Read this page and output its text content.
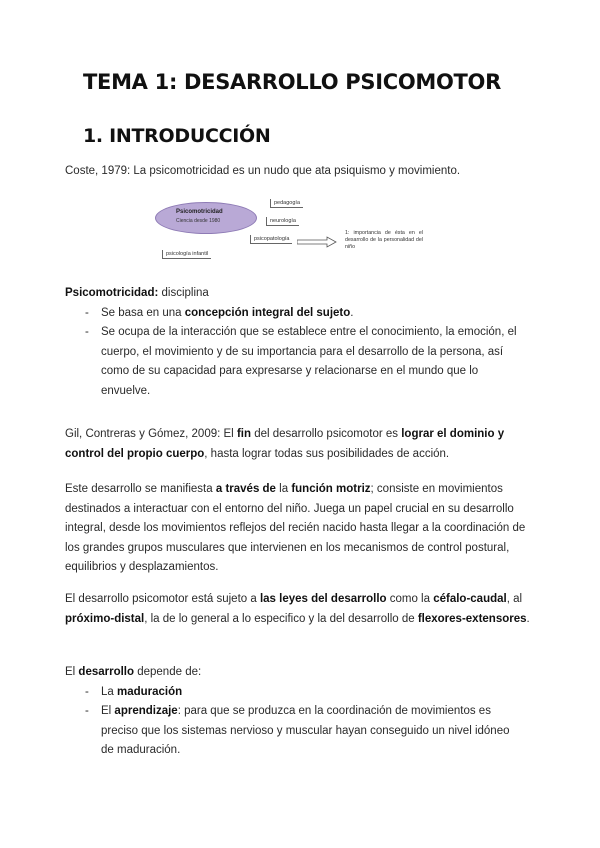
TEMA 1: DESARROLLO PSICOMOTOR
1. INTRODUCCIÓN
Coste, 1979: La psicomotricidad es un nudo que ata psiquismo y movimiento.
Psicomotricidad
Ciencia desde 1980
pedagogía
neurología
psicopatología
psicología infantil
1: importancia de ésta en el desarrollo de la personalidad del niño
Psicomotricidad: disciplina
- Se basa en una concepción integral del sujeto.
- Se ocupa de la interacción que se establece entre el conocimiento, la emoción, el cuerpo, el movimiento y de su importancia para el desarrollo de la persona, así como de su capacidad para expresarse y relacionarse en el mundo que lo envuelve.
Gil, Contreras y Gómez, 2009: El fin del desarrollo psicomotor es lograr el dominio y control del propio cuerpo, hasta lograr todas sus posibilidades de acción.
Este desarrollo se manifiesta a través de la función motriz; consiste en movimientos destinados a interactuar con el entorno del niño. Juega un papel crucial en su desarrollo integral, desde los movimientos reflejos del recién nacido hasta llegar a la coordinación de los grandes grupos musculares que intervienen en los mecanismos de control postural, equilibrios y desplazamientos.
El desarrollo psicomotor está sujeto a las leyes del desarrollo como la céfalo-caudal, al próximo-distal, la de lo general a lo especifico y la del desarrollo de flexores-extensores.
El desarrollo depende de:
- La maduración
- El aprendizaje: para que se produzca en la coordinación de movimientos es preciso que los sistemas nervioso y muscular hayan conseguido un nivel idóneo de maduración.
